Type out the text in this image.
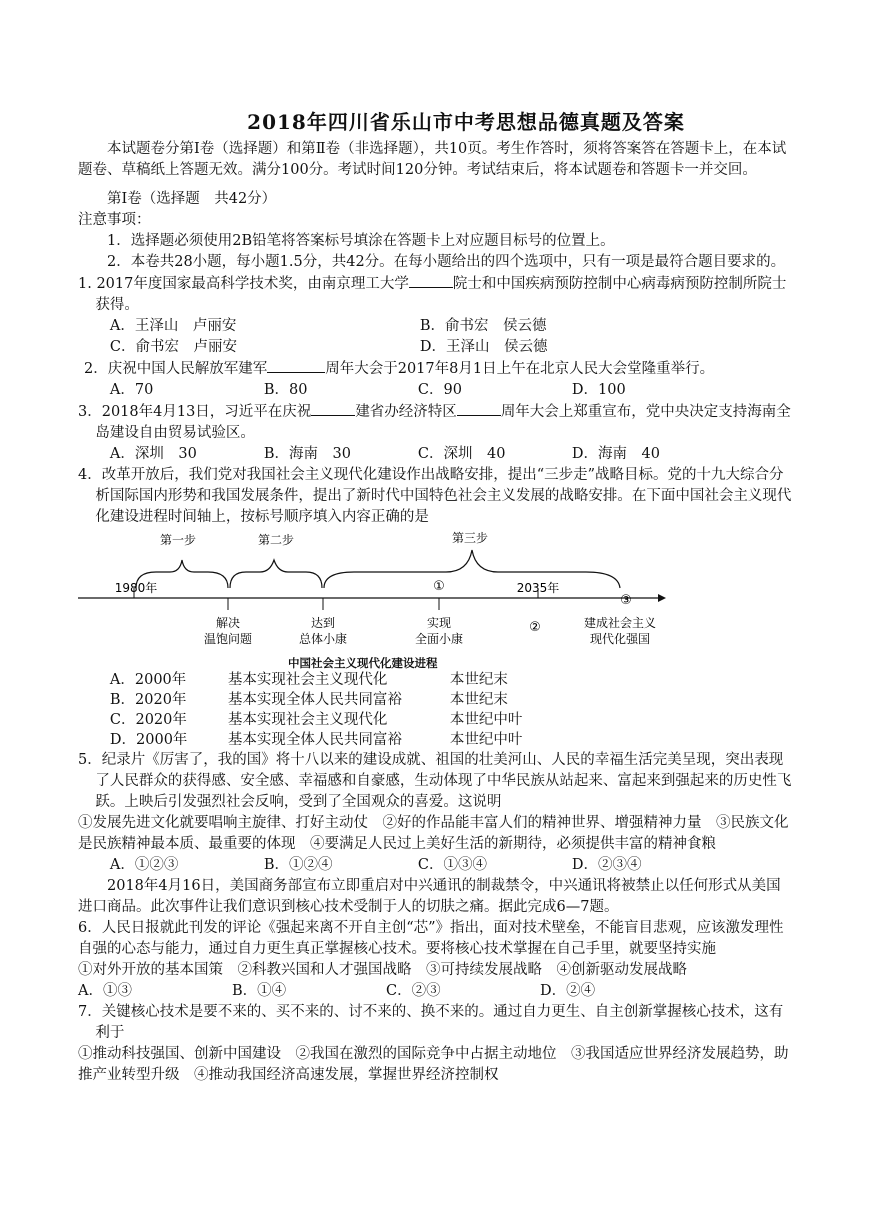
2018年四川省乐山市中考思想品德真题及答案

本试题卷分第Ⅰ卷（选择题）和第Ⅱ卷（非选择题），共10页。考生作答时，须将答案答在答题卡上，在本试题卷、草稿纸上答题无效。满分100分。考试时间120分钟。考试结束后，将本试题卷和答题卡一并交回。

第Ⅰ卷（选择题　共42分）

注意事项：

1．选择题必须使用2B铅笔将答案标号填涂在答题卡上对应题目标号的位置上。

2．本卷共28小题，每小题1.5分，共42分。在每小题给出的四个选项中，只有一项是最符合题目要求的。

1. 2017年度国家最高科学技术奖，由南京理工大学	院士和中国疾病预防控制中心病毒病预防控制所院士获得。

A．王泽山　卢丽安	B．俞书宏　侯云德
C．俞书宏　卢丽安	D．王泽山　侯云德

2．庆祝中国人民解放军建军	周年大会于2017年8月1日上午在北京人民大会堂隆重举行。

A．70	B．80	C．90	D．100

3．2018年4月13日，习近平在庆祝	建省办经济特区	周年大会上郑重宣布，党中央决定支持海南全岛建设自由贸易试验区。

A．深圳　30	B．海南　30	C．深圳　40	D．海南　40

4．改革开放后，我们党对我国社会主义现代化建设作出战略安排，提出“三步走”战略目标。党的十九大综合分析国际国内形势和我国发展条件，提出了新时代中国特色社会主义发展的战略安排。在下面中国社会主义现代化建设进程时间轴上，按标号顺序填入内容正确的是

第一步	第二步	第三步
1980年	2035年
①
②
③
解决
温饱问题
达到
总体小康
实现
全面小康
建成社会主义
现代化强国
中国社会主义现代化建设进程
A．2000年	基本实现社会主义现代化	本世纪末
B．2020年	基本实现全体人民共同富裕	本世纪末
C．2020年	基本实现社会主义现代化	本世纪中叶
D．2000年	基本实现全体人民共同富裕	本世纪中叶

5．纪录片《厉害了，我的国》将十八以来的建设成就、祖国的壮美河山、人民的幸福生活完美呈现，突出表现了人民群众的获得感、安全感、幸福感和自豪感，生动体现了中华民族从站起来、富起来到强起来的历史性飞跃。上映后引发强烈社会反响，受到了全国观众的喜爱。这说明

①发展先进文化就要唱响主旋律、打好主动仗　②好的作品能丰富人们的精神世界、增强精神力量　③民族文化是民族精神最本质、最重要的体现　④要满足人民过上美好生活的新期待，必须提供丰富的精神食粮

A．①②③	B．①②④	C．①③④	D．②③④

2018年4月16日，美国商务部宣布立即重启对中兴通讯的制裁禁令，中兴通讯将被禁止以任何形式从美国进口商品。此次事件让我们意识到核心技术受制于人的切肤之痛。据此完成6—7题。

6．人民日报就此刊发的评论《强起来离不开自主创“芯”》指出，面对技术壁垒，不能盲目悲观，应该激发理性自强的心态与能力，通过自力更生真正掌握核心技术。要将核心技术掌握在自己手里，就要坚持实施

①对外开放的基本国策　②科教兴国和人才强国战略　③可持续发展战略　④创新驱动发展战略

A．①③	B．①④	C．②③	D．②④

7．关键核心技术是要不来的、买不来的、讨不来的、换不来的。通过自力更生、自主创新掌握核心技术，这有利于

①推动科技强国、创新中国建设　②我国在激烈的国际竞争中占据主动地位　③我国适应世界经济发展趋势，助推产业转型升级　④推动我国经济高速发展，掌握世界经济控制权
